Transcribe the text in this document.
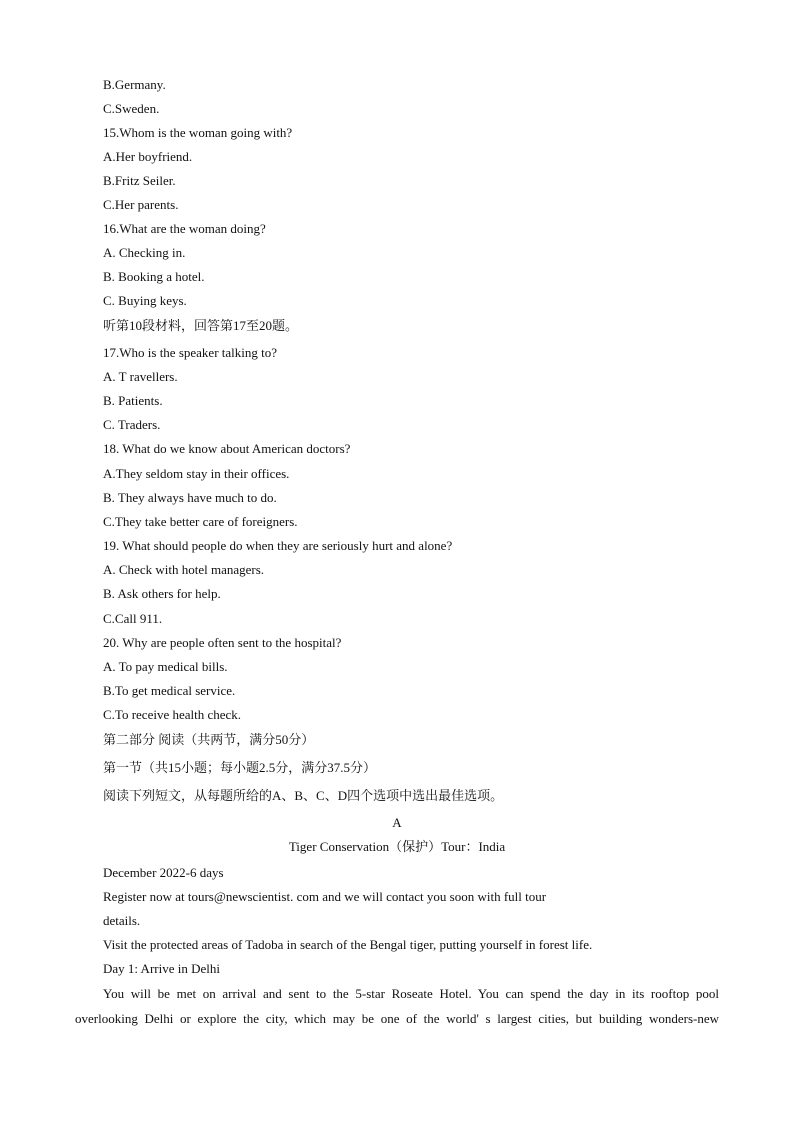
B.Germany.
C.Sweden.
15.Whom is the woman going with?
A.Her boyfriend.
B.Fritz Seiler.
C.Her parents.
16.What are the woman doing?
A. Checking in.
B. Booking a hotel.
C. Buying keys.
听第10段材料，回答第17至20题。
17.Who is the speaker talking to?
A. T ravellers.
B. Patients.
C. Traders.
18. What do we know about American doctors?
A.They seldom stay in their offices.
B. They always have much to do.
C.They take better care of foreigners.
19. What should people do when they are seriously hurt and alone?
A. Check with hotel managers.
B. Ask others for help.
C.Call 911.
20. Why are people often sent to the hospital?
A. To pay medical bills.
B.To get medical service.
C.To receive health check.
第二部分 阅读（共两节，满分50分）
第一节（共15小题；每小题2.5分，满分37.5分）
阅读下列短文，从每题所给的A、B、C、D四个选项中选出最佳选项。
A
Tiger Conservation（保护）Tour：India
December 2022-6 days
Register now at tours@newscientist. com and we will contact you soon with full tour
details.
Visit the protected areas of Tadoba in search of the Bengal tiger, putting yourself in forest life.
Day 1: Arrive in Delhi
You will be met on arrival and sent to the 5-star Roseate Hotel. You can spend the day in its rooftop pool
overlooking Delhi or explore the city, which may be one of the world' s largest cities, but building wonders-new
